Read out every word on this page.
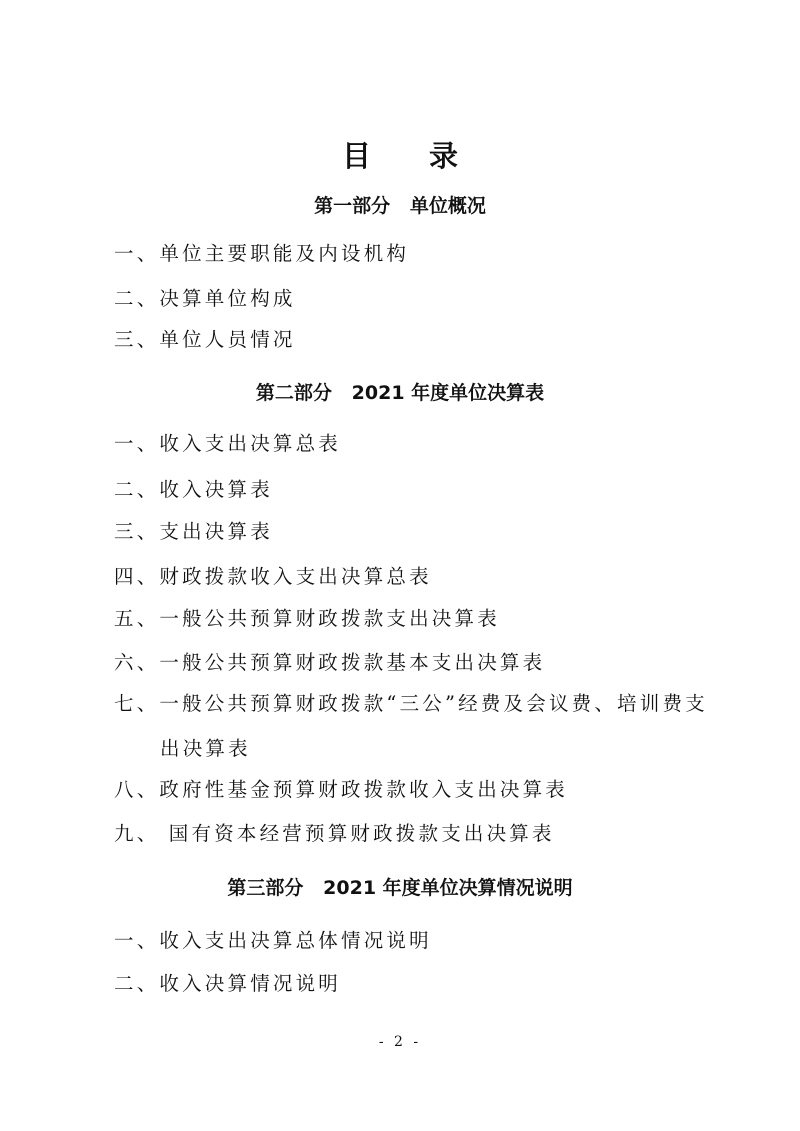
目 录
第一部分   单位概况
一、单位主要职能及内设机构
二、决算单位构成
三、单位人员情况
第二部分   2021 年度单位决算表
一、收入支出决算总表
二、收入决算表
三、支出决算表
四、财政拨款收入支出决算总表
五、一般公共预算财政拨款支出决算表
六、一般公共预算财政拨款基本支出决算表
七、一般公共预算财政拨款“三公”经费及会议费、培训费支
出决算表
八、政府性基金预算财政拨款收入支出决算表
九、 国有资本经营预算财政拨款支出决算表
第三部分   2021 年度单位决算情况说明
一、收入支出决算总体情况说明
二、收入决算情况说明
- 2 -
